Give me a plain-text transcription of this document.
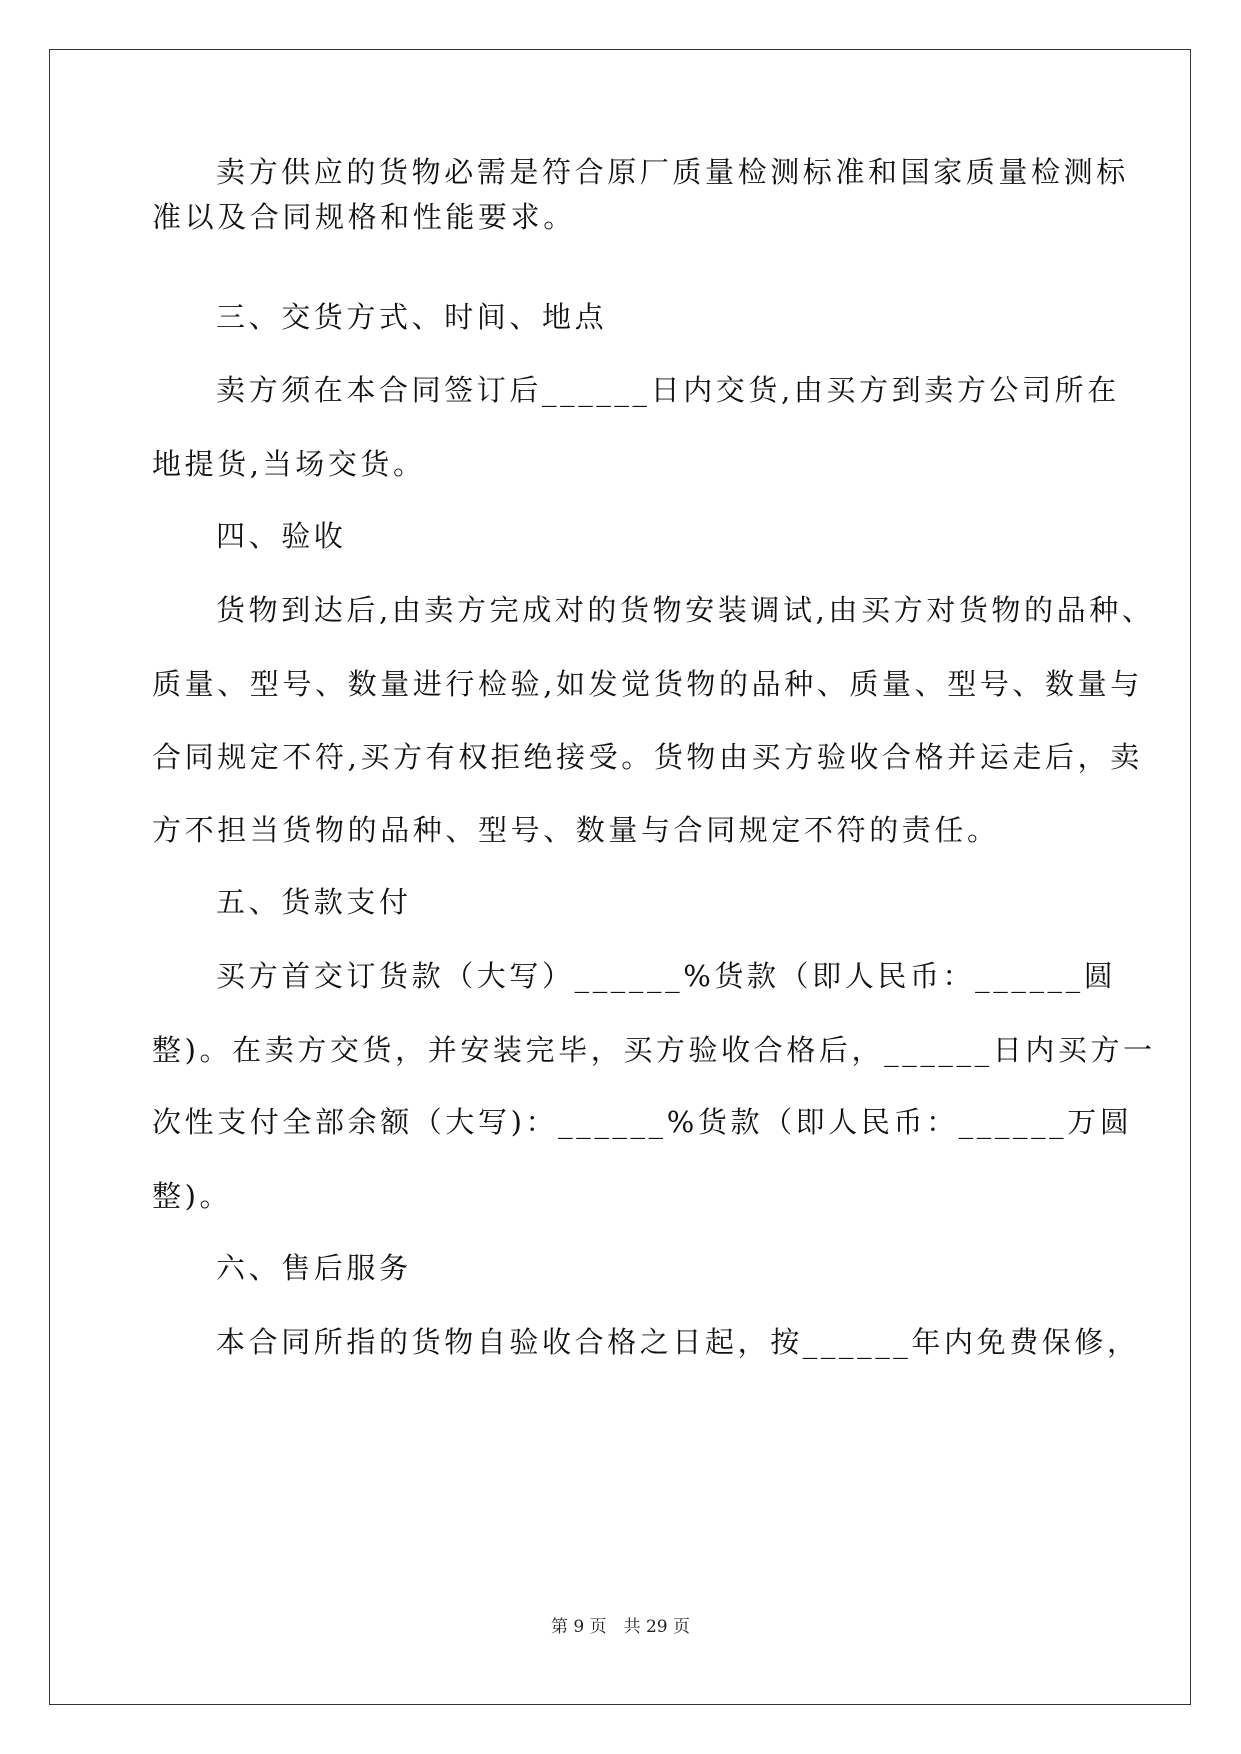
卖方供应的货物必需是符合原厂质量检测标准和国家质量检测标
准以及合同规格和性能要求。
三、交货方式、时间、地点
卖方须在本合同签订后______日内交货,由买方到卖方公司所在
地提货,当场交货。
四、验收
货物到达后,由卖方完成对的货物安装调试,由买方对货物的品种、
质量、型号、数量进行检验,如发觉货物的品种、质量、型号、数量与
合同规定不符,买方有权拒绝接受。货物由买方验收合格并运走后，卖
方不担当货物的品种、型号、数量与合同规定不符的责任。
五、货款支付
买方首交订货款（大写）______%货款（即人民币：______圆
整)。在卖方交货，并安装完毕，买方验收合格后，______日内买方一
次性支付全部余额（大写)：______%货款（即人民币：______万圆
整)。
六、售后服务
本合同所指的货物自验收合格之日起，按______年内免费保修，
第 9 页　共 29 页
